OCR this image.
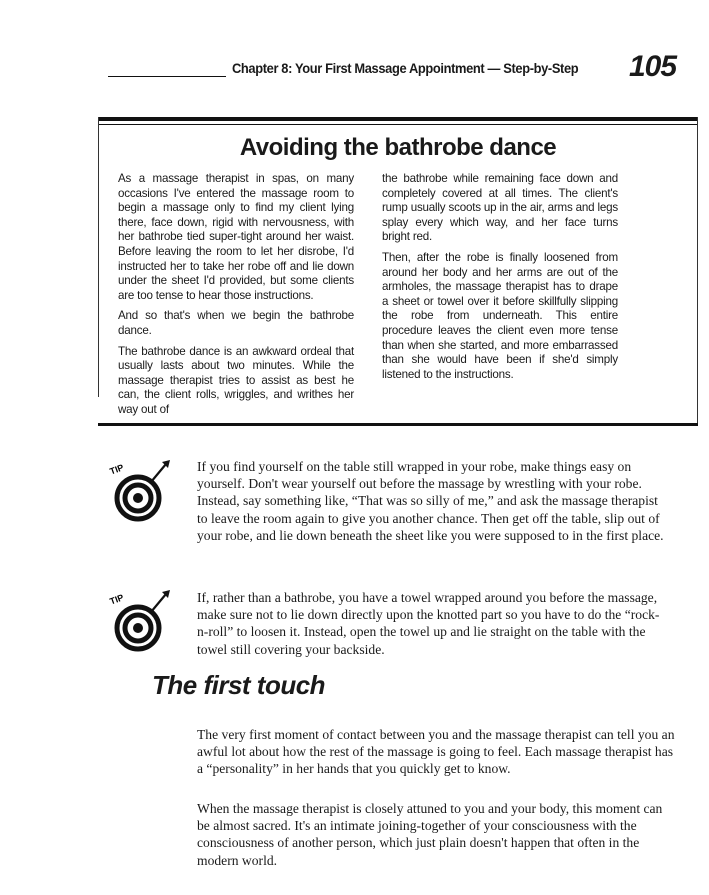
Chapter 8: Your First Massage Appointment — Step-by-Step 105
Avoiding the bathrobe dance

As a massage therapist in spas, on many occasions I've entered the massage room to begin a massage only to find my client lying there, face down, rigid with nervousness, with her bathrobe tied super-tight around her waist. Before leaving the room to let her disrobe, I'd instructed her to take her robe off and lie down under the sheet I'd provided, but some clients are too tense to hear those instructions.

And so that's when we begin the bathrobe dance.

The bathrobe dance is an awkward ordeal that usually lasts about two minutes. While the massage therapist tries to assist as best he can, the client rolls, wriggles, and writhes her way out of

the bathrobe while remaining face down and completely covered at all times. The client's rump usually scoots up in the air, arms and legs splay every which way, and her face turns bright red.

Then, after the robe is finally loosened from around her body and her arms are out of the armholes, the massage therapist has to drape a sheet or towel over it before skillfully slipping the robe from underneath. This entire procedure leaves the client even more tense than when she started, and more embarrassed than she would have been if she'd simply listened to the instructions.

TIP	If you find yourself on the table still wrapped in your robe, make things easy on yourself. Don't wear yourself out before the massage by wrestling with your robe. Instead, say something like, “That was so silly of me,” and ask the massage therapist to leave the room again to give you another chance. Then get off the table, slip out of your robe, and lie down beneath the sheet like you were supposed to in the first place.
TIP	If, rather than a bathrobe, you have a towel wrapped around you before the massage, make sure not to lie down directly upon the knotted part so you have to do the “rock-n-roll” to loosen it. Instead, open the towel up and lie straight on the table with the towel still covering your backside.
The first touch
The very first moment of contact between you and the massage therapist can tell you an awful lot about how the rest of the massage is going to feel. Each massage therapist has a “personality” in her hands that you quickly get to know.
When the massage therapist is closely attuned to you and your body, this moment can be almost sacred. It's an intimate joining-together of your consciousness with the consciousness of another person, which just plain doesn't happen that often in the modern world.
